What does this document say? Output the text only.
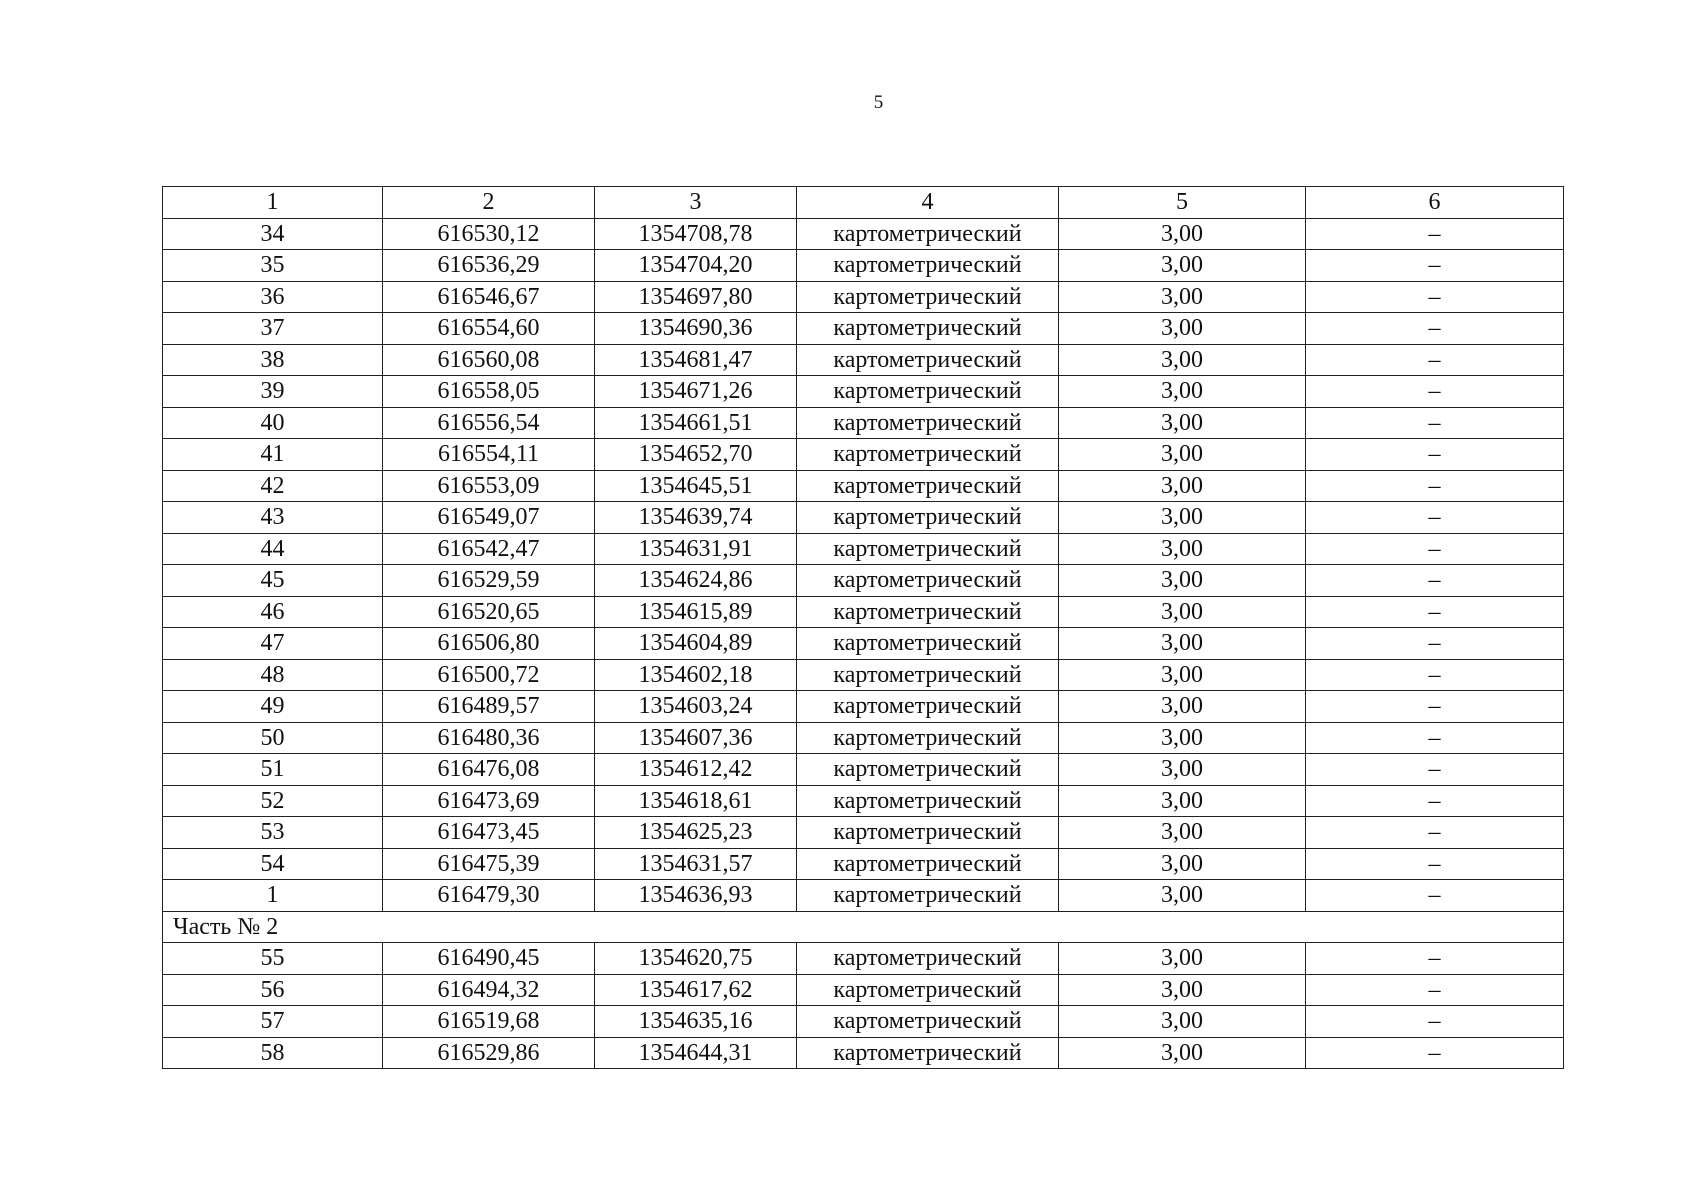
5
1	2	3	4	5	6
34	616530,12	1354708,78	картометрический	3,00	–
35	616536,29	1354704,20	картометрический	3,00	–
36	616546,67	1354697,80	картометрический	3,00	–
37	616554,60	1354690,36	картометрический	3,00	–
38	616560,08	1354681,47	картометрический	3,00	–
39	616558,05	1354671,26	картометрический	3,00	–
40	616556,54	1354661,51	картометрический	3,00	–
41	616554,11	1354652,70	картометрический	3,00	–
42	616553,09	1354645,51	картометрический	3,00	–
43	616549,07	1354639,74	картометрический	3,00	–
44	616542,47	1354631,91	картометрический	3,00	–
45	616529,59	1354624,86	картометрический	3,00	–
46	616520,65	1354615,89	картометрический	3,00	–
47	616506,80	1354604,89	картометрический	3,00	–
48	616500,72	1354602,18	картометрический	3,00	–
49	616489,57	1354603,24	картометрический	3,00	–
50	616480,36	1354607,36	картометрический	3,00	–
51	616476,08	1354612,42	картометрический	3,00	–
52	616473,69	1354618,61	картометрический	3,00	–
53	616473,45	1354625,23	картометрический	3,00	–
54	616475,39	1354631,57	картометрический	3,00	–
1	616479,30	1354636,93	картометрический	3,00	–
Часть № 2					
55	616490,45	1354620,75	картометрический	3,00	–
56	616494,32	1354617,62	картометрический	3,00	–
57	616519,68	1354635,16	картометрический	3,00	–
58	616529,86	1354644,31	картометрический	3,00	–
